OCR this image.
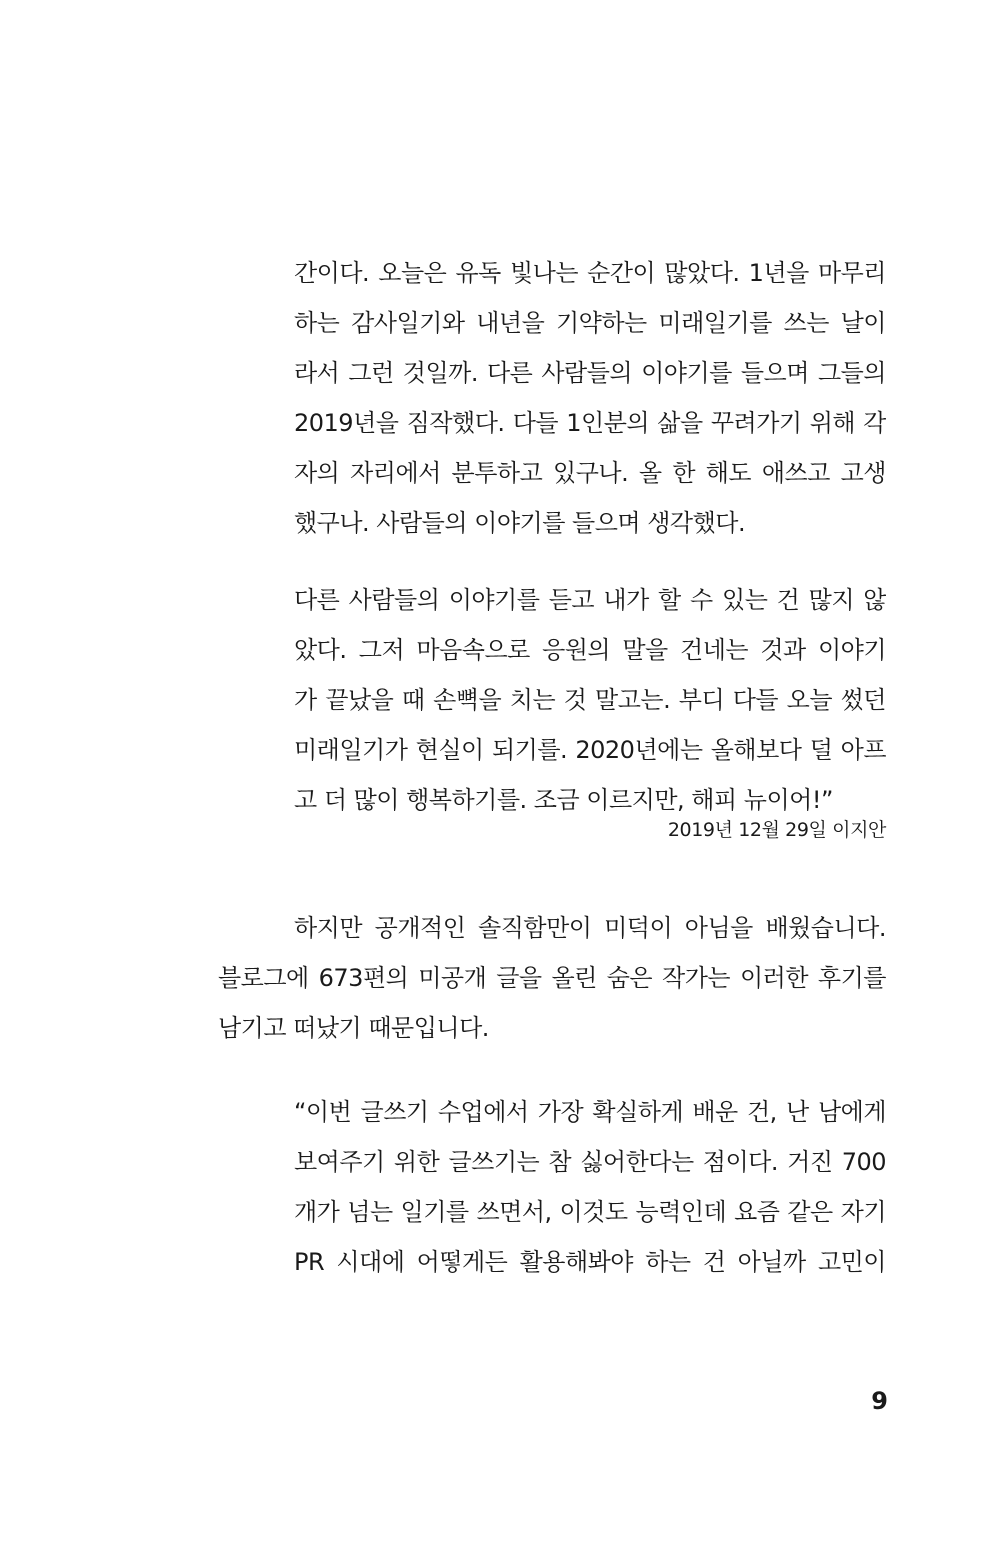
간이다. 오늘은 유독 빛나는 순간이 많았다. 1년을 마무리
하는 감사일기와 내년을 기약하는 미래일기를 쓰는 날이
라서 그런 것일까. 다른 사람들의 이야기를 들으며 그들의
2019년을 짐작했다. 다들 1인분의 삶을 꾸려가기 위해 각
자의 자리에서 분투하고 있구나. 올 한 해도 애쓰고 고생
했구나. 사람들의 이야기를 들으며 생각했다.
다른 사람들의 이야기를 듣고 내가 할 수 있는 건 많지 않
았다. 그저 마음속으로 응원의 말을 건네는 것과 이야기
가 끝났을 때 손뼉을 치는 것 말고는. 부디 다들 오늘 썼던
미래일기가 현실이 되기를. 2020년에는 올해보다 덜 아프
고 더 많이 행복하기를. 조금 이르지만, 해피 뉴이어!”
2019년 12월 29일 이지안
하지만 공개적인 솔직함만이 미덕이 아님을 배웠습니다.
블로그에 673편의 미공개 글을 올린 숨은 작가는 이러한 후기를
남기고 떠났기 때문입니다.
“이번 글쓰기 수업에서 가장 확실하게 배운 건, 난 남에게
보여주기 위한 글쓰기는 참 싫어한다는 점이다. 거진 700
개가 넘는 일기를 쓰면서, 이것도 능력인데 요즘 같은 자기
PR 시대에 어떻게든 활용해봐야 하는 건 아닐까 고민이
9
